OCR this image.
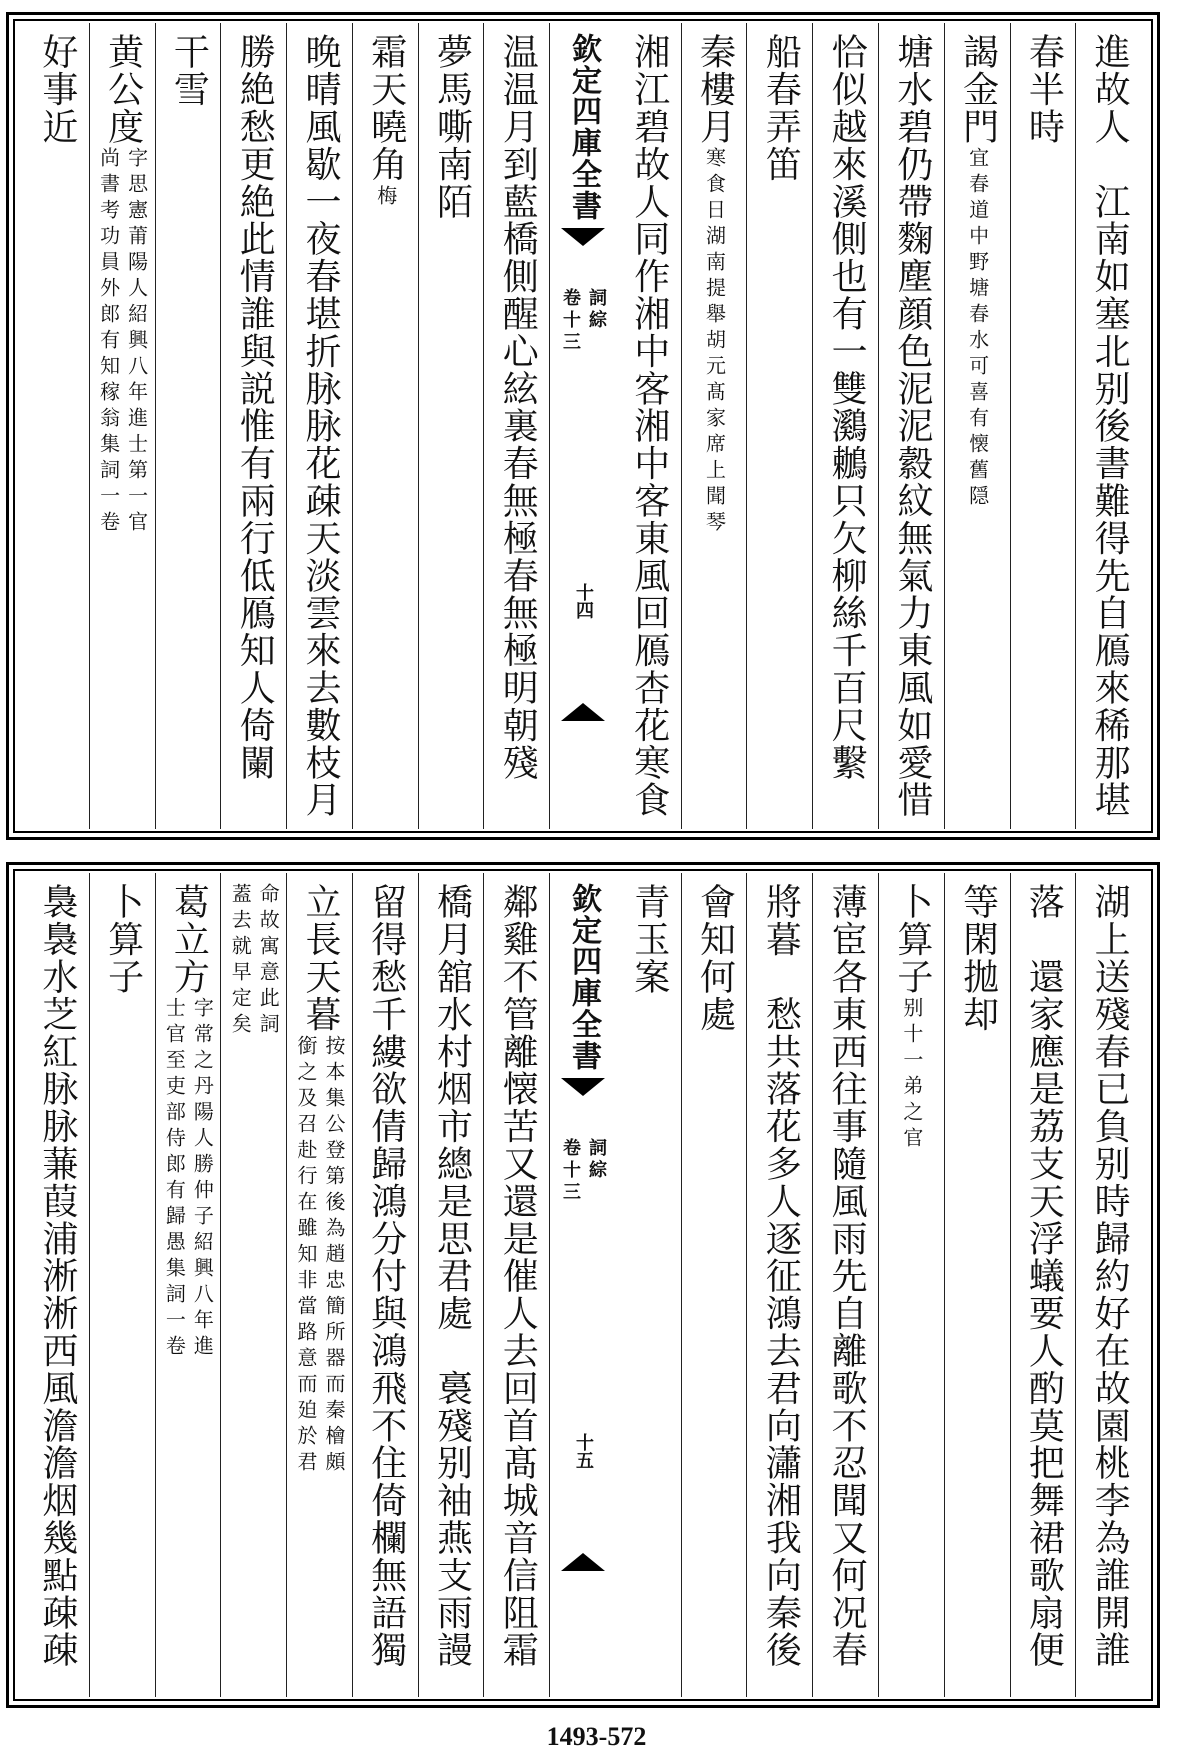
進故人　江南如塞北别後書難得先自鴈來稀那堪
春半時
謁金門
宜春道中野塘春水可喜有懐舊隠
塘水碧仍帶麴塵顔色泥泥縠紋無氣力東風如愛惜
恰似越來溪側也有一雙鸂鶒只欠柳絲千百尺繫
船春弄笛
秦樓月
寒食日湖南提舉胡元髙家席上聞琴
湘江碧故人同作湘中客湘中客東風回鴈杏花寒食
欽定四庫全書
詞綜
卷十三
十四
温温月到藍橋側醒心絃裏春無極春無極明朝殘
夢馬嘶南陌
霜天曉角
梅
晚晴風歇一夜春堪折脉脉花疎天淡雲來去數枝月
勝絶愁更絶此情誰與説惟有兩行低鴈知人倚闌
干雪
黄公度
字思憲莆陽人紹興八年進士第一官
尚書考功員外郎有知稼翁集詞一卷
好事近
湖上送殘春已負别時歸約好在故園桃李為誰開誰
落　還家應是荔支天浮蟻要人酌莫把舞裙歌扇便
等閑拋却
卜算子
别十一弟之官
薄宦各東西往事隨風雨先自離歌不忍聞又何况春
將暮　愁共落花多人逐征鴻去君向瀟湘我向秦後
會知何處
青玉案
欽定四庫全書
詞綜
卷十三
十五
鄰雞不管離懐苦又還是催人去回首髙城音信阻霜
橋月舘水村烟市總是思君處　裛殘别袖燕支雨謾
留得愁千縷欲倩歸鴻分付與鴻飛不住倚欄無語獨
立長天暮
按本集公登第後為趙忠簡所器而秦檜頗
銜之及召赴行在雖知非當路意而廹於君
命故寓意此詞
蓋去就早定矣
葛立方
字常之丹陽人勝仲子紹興八年進
士官至吏部侍郎有歸愚集詞一卷
卜算子
裊裊水芝紅脉脉蒹葭浦淅淅西風澹澹烟幾點疎疎
1493-572
